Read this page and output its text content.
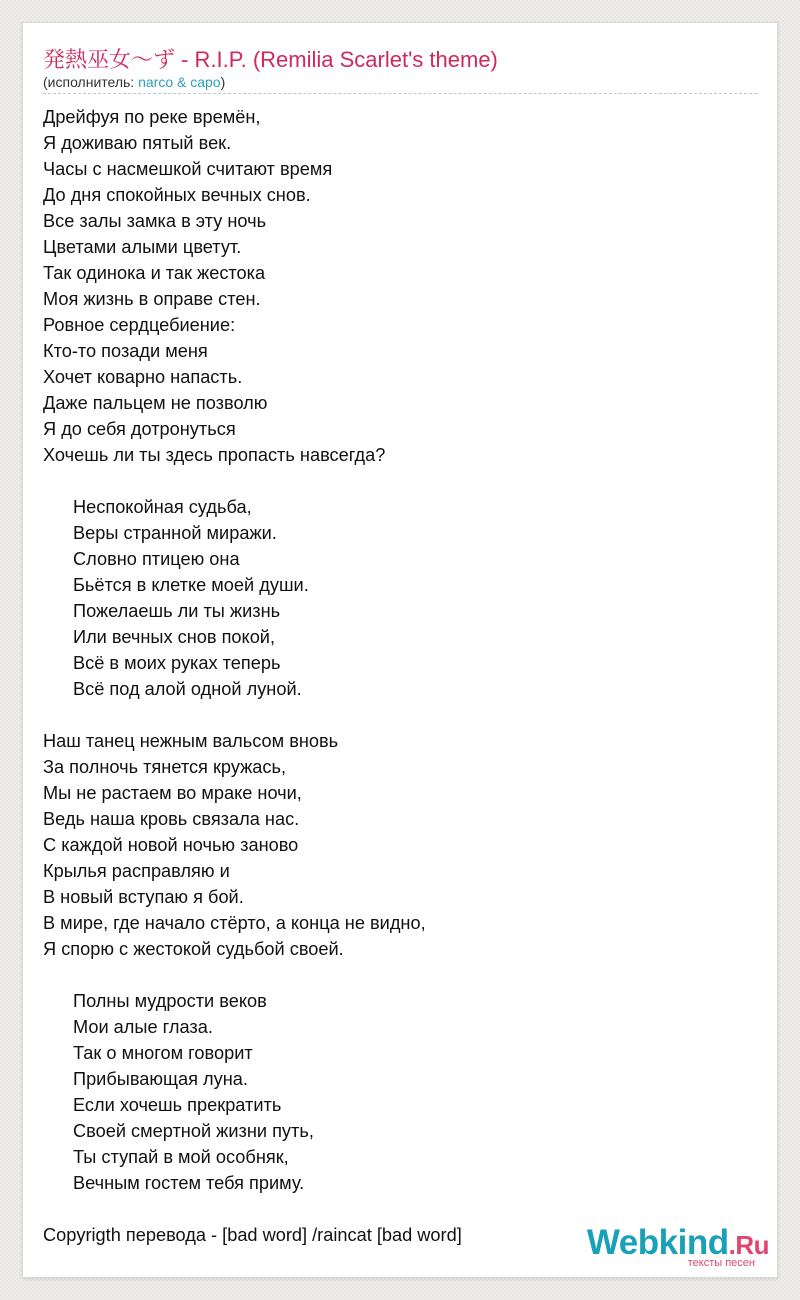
発熱巫女～ず - R.I.P. (Remilia Scarlet's theme)
(исполнитель: narco & capo)
Дрейфуя по реке времён,
Я доживаю пятый век.
Часы с насмешкой считают время
До дня спокойных вечных снов.
Все залы замка в эту ночь
Цветами алыми цветут.
Так одинока и так жестока
Моя жизнь в оправе стен.
Ровное сердцебиение:
Кто-то позади меня
Хочет коварно напасть.
Даже пальцем не позволю
Я до себя дотронуться
Хочешь ли ты здесь пропасть навсегда?
Неспокойная судьба,
Веры странной миражи.
Словно птицею она
Бьётся в клетке моей души.
Пожелаешь ли ты жизнь
Или вечных снов покой,
Всё в моих руках теперь
Всё под алой одной луной.
Наш танец нежным вальсом вновь
За полночь тянется кружась,
Мы не растаем во мраке ночи,
Ведь наша кровь связала нас.
С каждой новой ночью заново
Крылья расправляю и
В новый вступаю я бой.
В мире, где начало стёрто, а конца не видно,
Я спорю с жестокой судьбой своей.
Полны мудрости веков
Мои алые глаза.
Так о многом говорит
Прибывающая луна.
Если хочешь прекратить
Своей смертной жизни путь,
Ты ступай в мой особняк,
Вечным гостем тебя приму.
Copyrigth перевода - [bad word] /raincat [bad word]	Webkind.Ru
тексты песен
